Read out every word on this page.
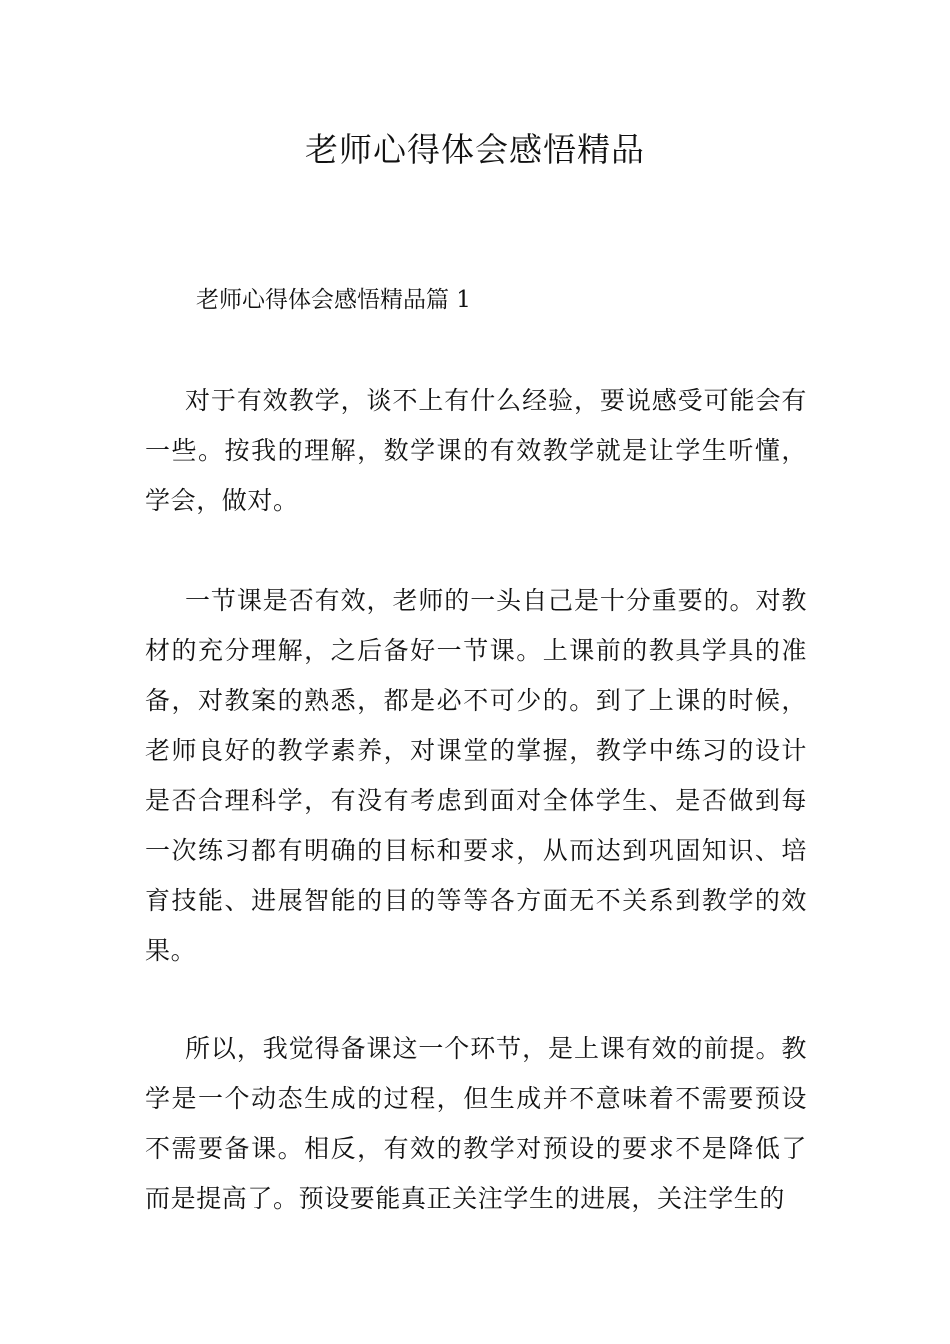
老师心得体会感悟精品
老师心得体会感悟精品篇 1

对于有效教学，谈不上有什么经验，要说感受可能会有一些。按我的理解，数学课的有效教学就是让学生听懂，学会，做对。

一节课是否有效，老师的一头自己是十分重要的。对教材的充分理解，之后备好一节课。上课前的教具学具的准备，对教案的熟悉，都是必不可少的。到了上课的时候，老师良好的教学素养，对课堂的掌握，教学中练习的设计是否合理科学，有没有考虑到面对全体学生、是否做到每一次练习都有明确的目标和要求，从而达到巩固知识、培育技能、进展智能的目的等等各方面无不关系到教学的效果。

所以，我觉得备课这一个环节，是上课有效的前提。教学是一个动态生成的过程，但生成并不意味着不需要预设不需要备课。相反，有效的教学对预设的要求不是降低了而是提高了。预设要能真正关注学生的进展，关注学生的
